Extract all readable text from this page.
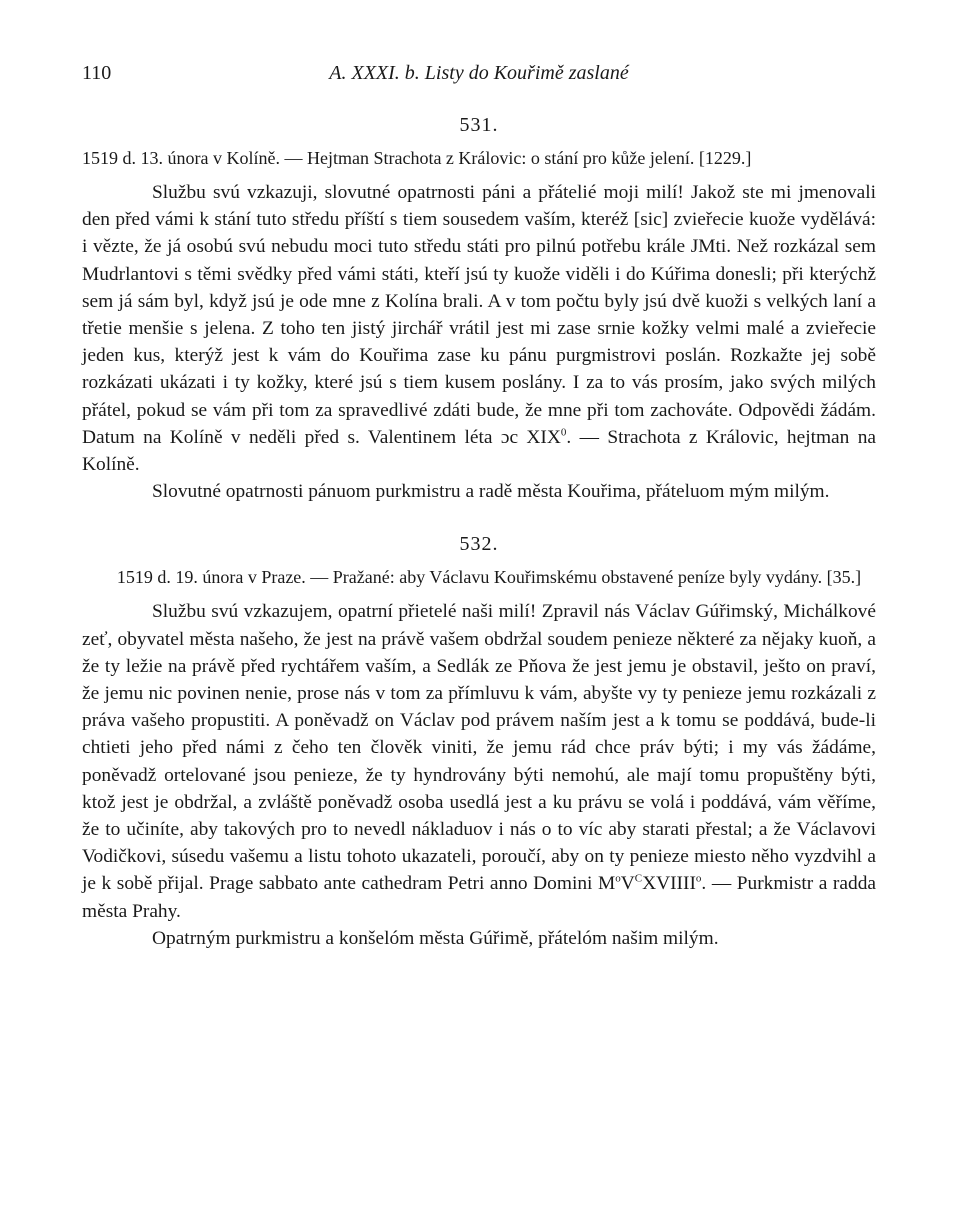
110	A. XXXI. b. Listy do Kouřimě zaslané
531.
1519 d. 13. února v Kolíně. — Hejtman Strachota z Královic: o stání pro kůže jelení. [1229.]

Službu svú vzkazuji, slovutné opatrnosti páni a přátelié moji milí! Jakož ste mi jmenovali den před vámi k stání tuto středu příští s tiem sousedem vaším, kteréž [sic] zvieřecie kuože vydělává: i vězte, že já osobú svú nebudu moci tuto středu státi pro pilnú potřebu krále JMti. Než rozkázal sem Mudrlantovi s těmi svědky před vámi státi, kteří jsú ty kuože viděli i do Kúřima donesli; při kterýchž sem já sám byl, když jsú je ode mne z Kolína brali. A v tom počtu byly jsú dvě kuoži s velkých laní a třetie menšie s jelena. Z toho ten jistý jirchář vrátil jest mi zase srnie kožky velmi malé a zvieřecie jeden kus, kterýž jest k vám do Kouřima zase ku pánu purgmistrovi poslán. Rozkažte jej sobě rozkázati ukázati i ty kožky, které jsú s tiem kusem poslány. I za to vás prosím, jako svých milých přátel, pokud se vám při tom za spravedlivé zdáti bude, že mne při tom zachováte. Odpovědi žádám. Datum na Kolíně v neděli před s. Valentinem léta ɔc XIX$^0$. — Strachota z Královic, hejtman na Kolíně.

Slovutné opatrnosti pánuom purkmistru a radě města Kouřima, přáteluom mým milým.
532.
1519 d. 19. února v Praze. — Pražané: aby Václavu Kouřimskému obstavené peníze byly vydány. [35.]

Službu svú vzkazujem, opatrní přietelé naši milí! Zpravil nás Václav Gúřimský, Michálkové zeť, obyvatel města našeho, že jest na právě vašem obdržal soudem penieze některé za nějaky kuoň, a že ty ležie na právě před rychtářem vaším, a Sedlák ze Pňova že jest jemu je obstavil, ješto on praví, že jemu nic povinen nenie, prose nás v tom za přímluvu k vám, abyšte vy ty penieze jemu rozkázali z práva vašeho propustiti. A poněvadž on Václav pod právem naším jest a k tomu se poddává, bude-li chtieti jeho před námi z čeho ten člověk viniti, že jemu rád chce práv býti; i my vás žádáme, poněvadž ortelované jsou penieze, že ty hyndrovány býti nemohú, ale mají tomu propuštěny býti, ktož jest je obdržal, a zvláště poněvadž osoba usedlá jest a ku právu se volá i poddává, vám věříme, že to učiníte, aby takových pro to nevedl nákladuov i nás o to víc aby starati přestal; a že Václavovi Vodičkovi, súsedu vašemu a listu tohoto ukazateli, poroučí, aby on ty penieze miesto něho vyzdvihl a je k sobě přijal. Prage sabbato ante cathedram Petri anno Domini $M^oV^CXVIIII^o$. — Purkmistr a radda města Prahy.

Opatrným purkmistru a konšelóm města Gúřimě, přátelóm našim milým.
